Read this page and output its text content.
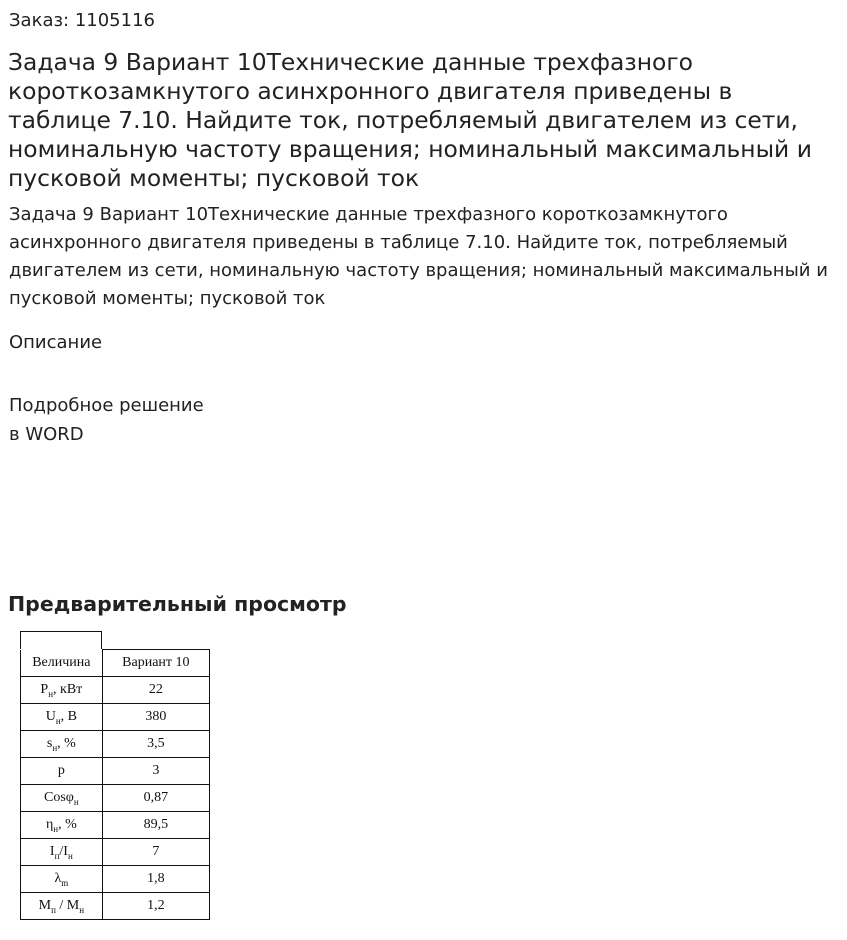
Заказ: 1105116
Задача 9 Вариант 10Технические данные трехфазного короткозамкнутого асинхронного двигателя приведены в таблице 7.10. Найдите ток, потребляемый двигателем из сети, номинальную частоту вращения; номинальный максимальный и пусковой моменты; пусковой ток
Задача 9 Вариант 10Технические данные трехфазного короткозамкнутого асинхронного двигателя приведены в таблице 7.10. Найдите ток, потребляемый двигателем из сети, номинальную частоту вращения; номинальный максимальный и пусковой моменты; пусковой ток
Описание
Подробное решение
в WORD
Предварительный просмотр
Величина	Вариант 10
$P_н$, кВт	22
$U_н$, В	380
$s_н$, %	3,5
p	3
Cosφ$_н$	0,87
$\eta_н$, %	89,5
$I_п/I_н$	7
$\lambda_m$	1,8
$M_п / M_н$	1,2
